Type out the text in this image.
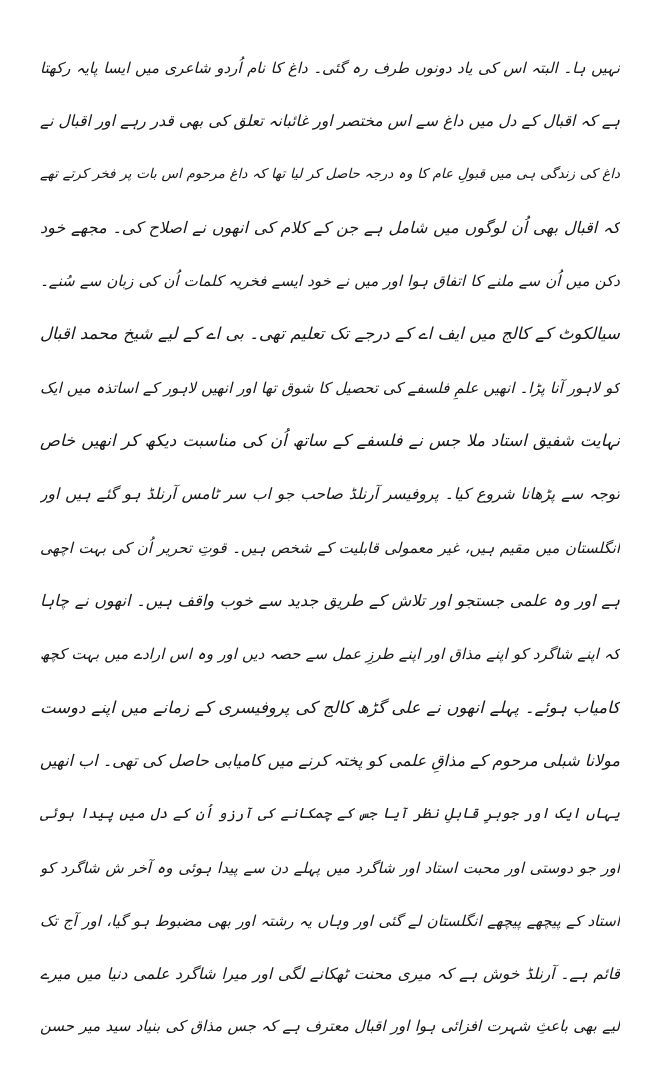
نہیں ہا۔ البتہ اس کی یاد دونوں طرف رہ گئی۔ داغ کا نام اُردو شاعری میں ایسا پایہ رکھتا
ہے کہ اقبال کے دل میں داغ سے اس مختصر اور غائبانہ تعلق کی بھی قدر رہے اور اقبال نے
داغ کی زندگی ہی میں قبولِ عام کا وہ درجہ حاصل کر لیا تھا کہ داغ مرحوم اس بات پر فخر کرتے تھے
کہ اقبال بھی اُن لوگوں میں شامل ہے جن کے کلام کی انھوں نے اصلاح کی۔ مجھے خود
دکن میں اُن سے ملنے کا اتفاق ہوا اور میں نے خود ایسے فخریہ کلمات اُن کی زبان سے سُنے۔
سیالکوٹ کے کالج میں ایف اے کے درجے تک تعلیم تھی۔ بی اے کے لیے شیخ محمد اقبال
کو لاہور آنا پڑا۔ انھیں علمِ فلسفے کی تحصیل کا شوق تھا اور انھیں لاہور کے اساتذہ میں ایک
نہایت شفیق استاد ملا جس نے فلسفے کے ساتھ اُن کی مناسبت دیکھ کر انھیں خاص
توجہ سے پڑھانا شروع کیا۔ پروفیسر آرنلڈ صاحب جو اب سر ٹامس آرنلڈ ہو گئے ہیں اور
انگلستان میں مقیم ہیں، غیر معمولی قابلیت کے شخص ہیں۔ قوتِ تحریر اُن کی بہت اچھی
ہے اور وہ علمی جستجو اور تلاش کے طریق جدید سے خوب واقف ہیں۔ انھوں نے چاہا
کہ اپنے شاگرد کو اپنے مذاق اور اپنے طرزِ عمل سے حصہ دیں اور وہ اس ارادے میں بہت کچھ
کامیاب ہوئے۔ پہلے انھوں نے علی گڑھ کالج کی پروفیسری کے زمانے میں اپنے دوست
مولانا شبلی مرحوم کے مذاقِ علمی کو پختہ کرنے میں کامیابی حاصل کی تھی۔ اب انھیں
یہاں ایک اور جوہرِ قابلِ نظر آیا جس کے چمکانے کی آرزو اُن کے دل میں پیدا ہوئی
اور جو دوستی اور محبت استاد اور شاگرد میں پہلے دن سے پیدا ہوئی وہ آخر ش شاگرد کو
استاد کے پیچھے پیچھے انگلستان لے گئی اور وہاں یہ رشتہ اور بھی مضبوط ہو گیا، اور آج تک
قائم ہے۔ آرنلڈ خوش ہے کہ میری محنت ٹھکانے لگی اور میرا شاگرد علمی دنیا میں میرے
لیے بھی باعثِ شہرت افزائی ہوا اور اقبال معترف ہے کہ جس مذاق کی بنیاد سید میر حسن
